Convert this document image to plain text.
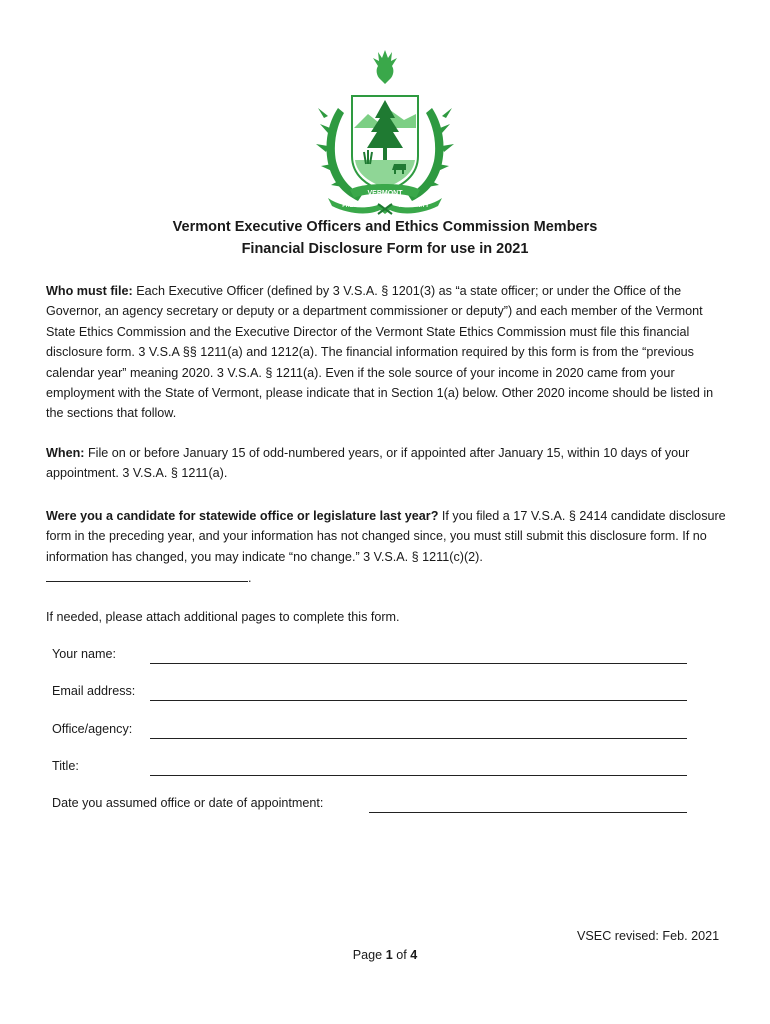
VERMONT
FREEDOM	AND UNITY
Vermont Executive Officers and Ethics Commission Members
Financial Disclosure Form for use in 2021
Who must file: Each Executive Officer (defined by 3 V.S.A. § 1201(3) as “a state officer; or under the Office of the Governor, an agency secretary or deputy or a department commissioner or deputy”) and each member of the Vermont State Ethics Commission and the Executive Director of the Vermont State Ethics Commission must file this financial disclosure form. 3 V.S.A §§ 1211(a) and 1212(a). The financial information required by this form is from the “previous calendar year” meaning 2020. 3 V.S.A. § 1211(a). Even if the sole source of your income in 2020 came from your employment with the State of Vermont, please indicate that in Section 1(a) below. Other 2020 income should be listed in the sections that follow.
When: File on or before January 15 of odd-numbered years, or if appointed after January 15, within 10 days of your appointment. 3 V.S.A. § 1211(a).
Were you a candidate for statewide office or legislature last year? If you filed a 17 V.S.A. § 2414 candidate disclosure form in the preceding year, and your information has not changed since, you must still submit this disclosure form. If no information has changed, you may indicate “no change.” 3 V.S.A. § 1211(c)(2).
.
If needed, please attach additional pages to complete this form.
Your name:
Email address:
Office/agency:
Title:
Date you assumed office or date of appointment:
VSEC revised: Feb. 2021
Page 1 of 4
